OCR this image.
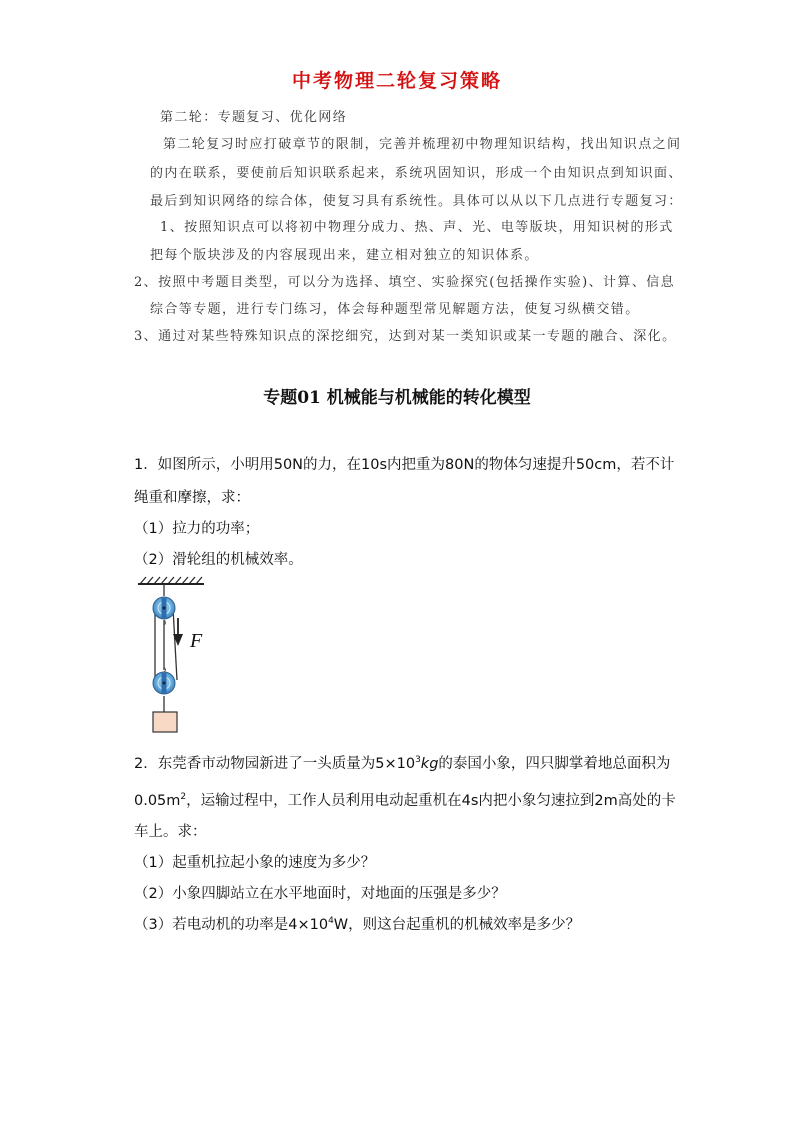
中考物理二轮复习策略
第二轮：专题复习、优化网络
第二轮复习时应打破章节的限制，完善并梳理初中物理知识结构，找出知识点之间
的内在联系，要使前后知识联系起来，系统巩固知识，形成一个由知识点到知识面、
最后到知识网络的综合体，使复习具有系统性。具体可以从以下几点进行专题复习：
1、按照知识点可以将初中物理分成力、热、声、光、电等版块，用知识树的形式
把每个版块涉及的内容展现出来，建立相对独立的知识体系。
2、按照中考题目类型，可以分为选择、填空、实验探究(包括操作实验)、计算、信息
综合等专题，进行专门练习，体会每种题型常见解题方法，使复习纵横交错。
3、通过对某些特殊知识点的深挖细究，达到对某一类知识或某一专题的融合、深化。
专题01 机械能与机械能的转化模型
1．如图所示，小明用50N的力，在10s内把重为80N的物体匀速提升50cm，若不计
绳重和摩擦，求：
（1）拉力的功率；
（2）滑轮组的机械效率。
F
2．东莞香市动物园新进了一头质量为$5\times 10^3kg$的泰国小象，四只脚掌着地总面积为
$0.05m^2$，运输过程中，工作人员利用电动起重机在4s内把小象匀速拉到2m高处的卡
车上。求：
（1）起重机拉起小象的速度为多少？
（2）小象四脚站立在水平地面时，对地面的压强是多少？
（3）若电动机的功率是$4\times 10^4W$，则这台起重机的机械效率是多少？
